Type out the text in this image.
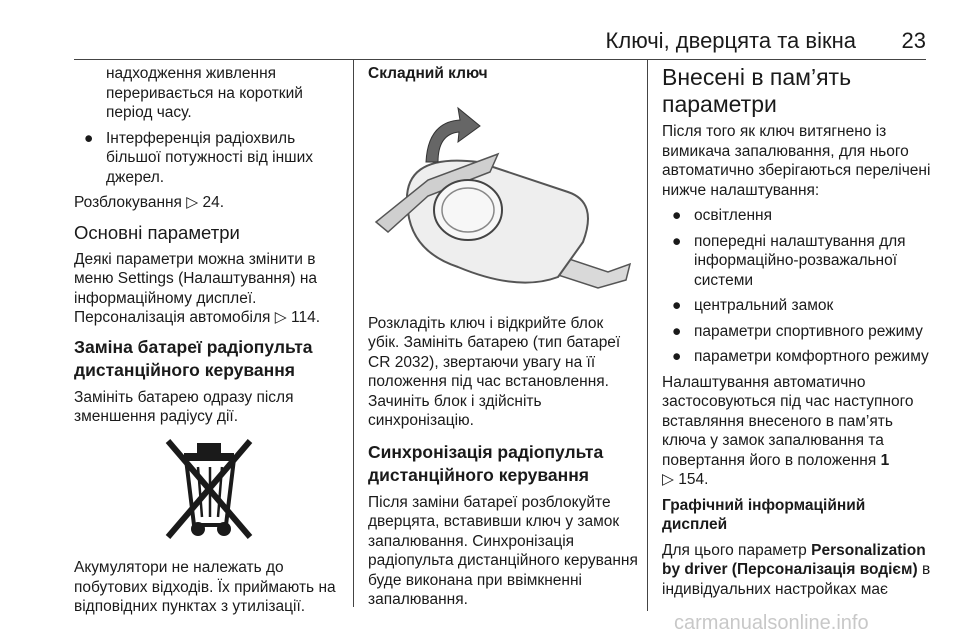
Ключі, дверцята та вікна 23

надходження живлення переривається на короткий період часу.

● Інтерференція радіохвиль більшої потужності від інших джерел.

Розблокування ▷ 24.

Основні параметри

Деякі параметри можна змінити в меню Settings (Налаштування) на інформаційному дисплеї.

Персоналізація автомобіля ▷ 114.

Заміна батареї радіопульта дистанційного керування

Замініть батарею одразу після зменшення радіусу дії.

Акумулятори не належать до побутових відходів. Їх приймають на відповідних пунктах з утилізації.

Складний ключ

Розкладіть ключ і відкрийте блок убік. Замініть батарею (тип батареї CR 2032), звертаючи увагу на її положення під час встановлення. Зачиніть блок і здійсніть синхронізацію.

Синхронізація радіопульта дистанційного керування

Після заміни батареї розблокуйте дверцята, вставивши ключ у замок запалювання. Синхронізація радіопульта дистанційного керування буде виконана при ввімкненні запалювання.

Внесені в пам’ять параметри

Після того як ключ витягнено із вимикача запалювання, для нього автоматично зберігаються перелічені нижче налаштування:

● освітлення
● попередні налаштування для інформаційно-розважальної системи
● центральний замок
● параметри спортивного режиму
● параметри комфортного режиму

Налаштування автоматично застосовуються під час наступного вставляння внесеного в пам’ять ключа у замок запалювання та повертання його в положення 1
▷ 154.

Графічний інформаційний дисплей

Для цього параметр Personalization by driver (Персоналізація водієм) в індивідуальних настройках має

carmanualsonline.info
